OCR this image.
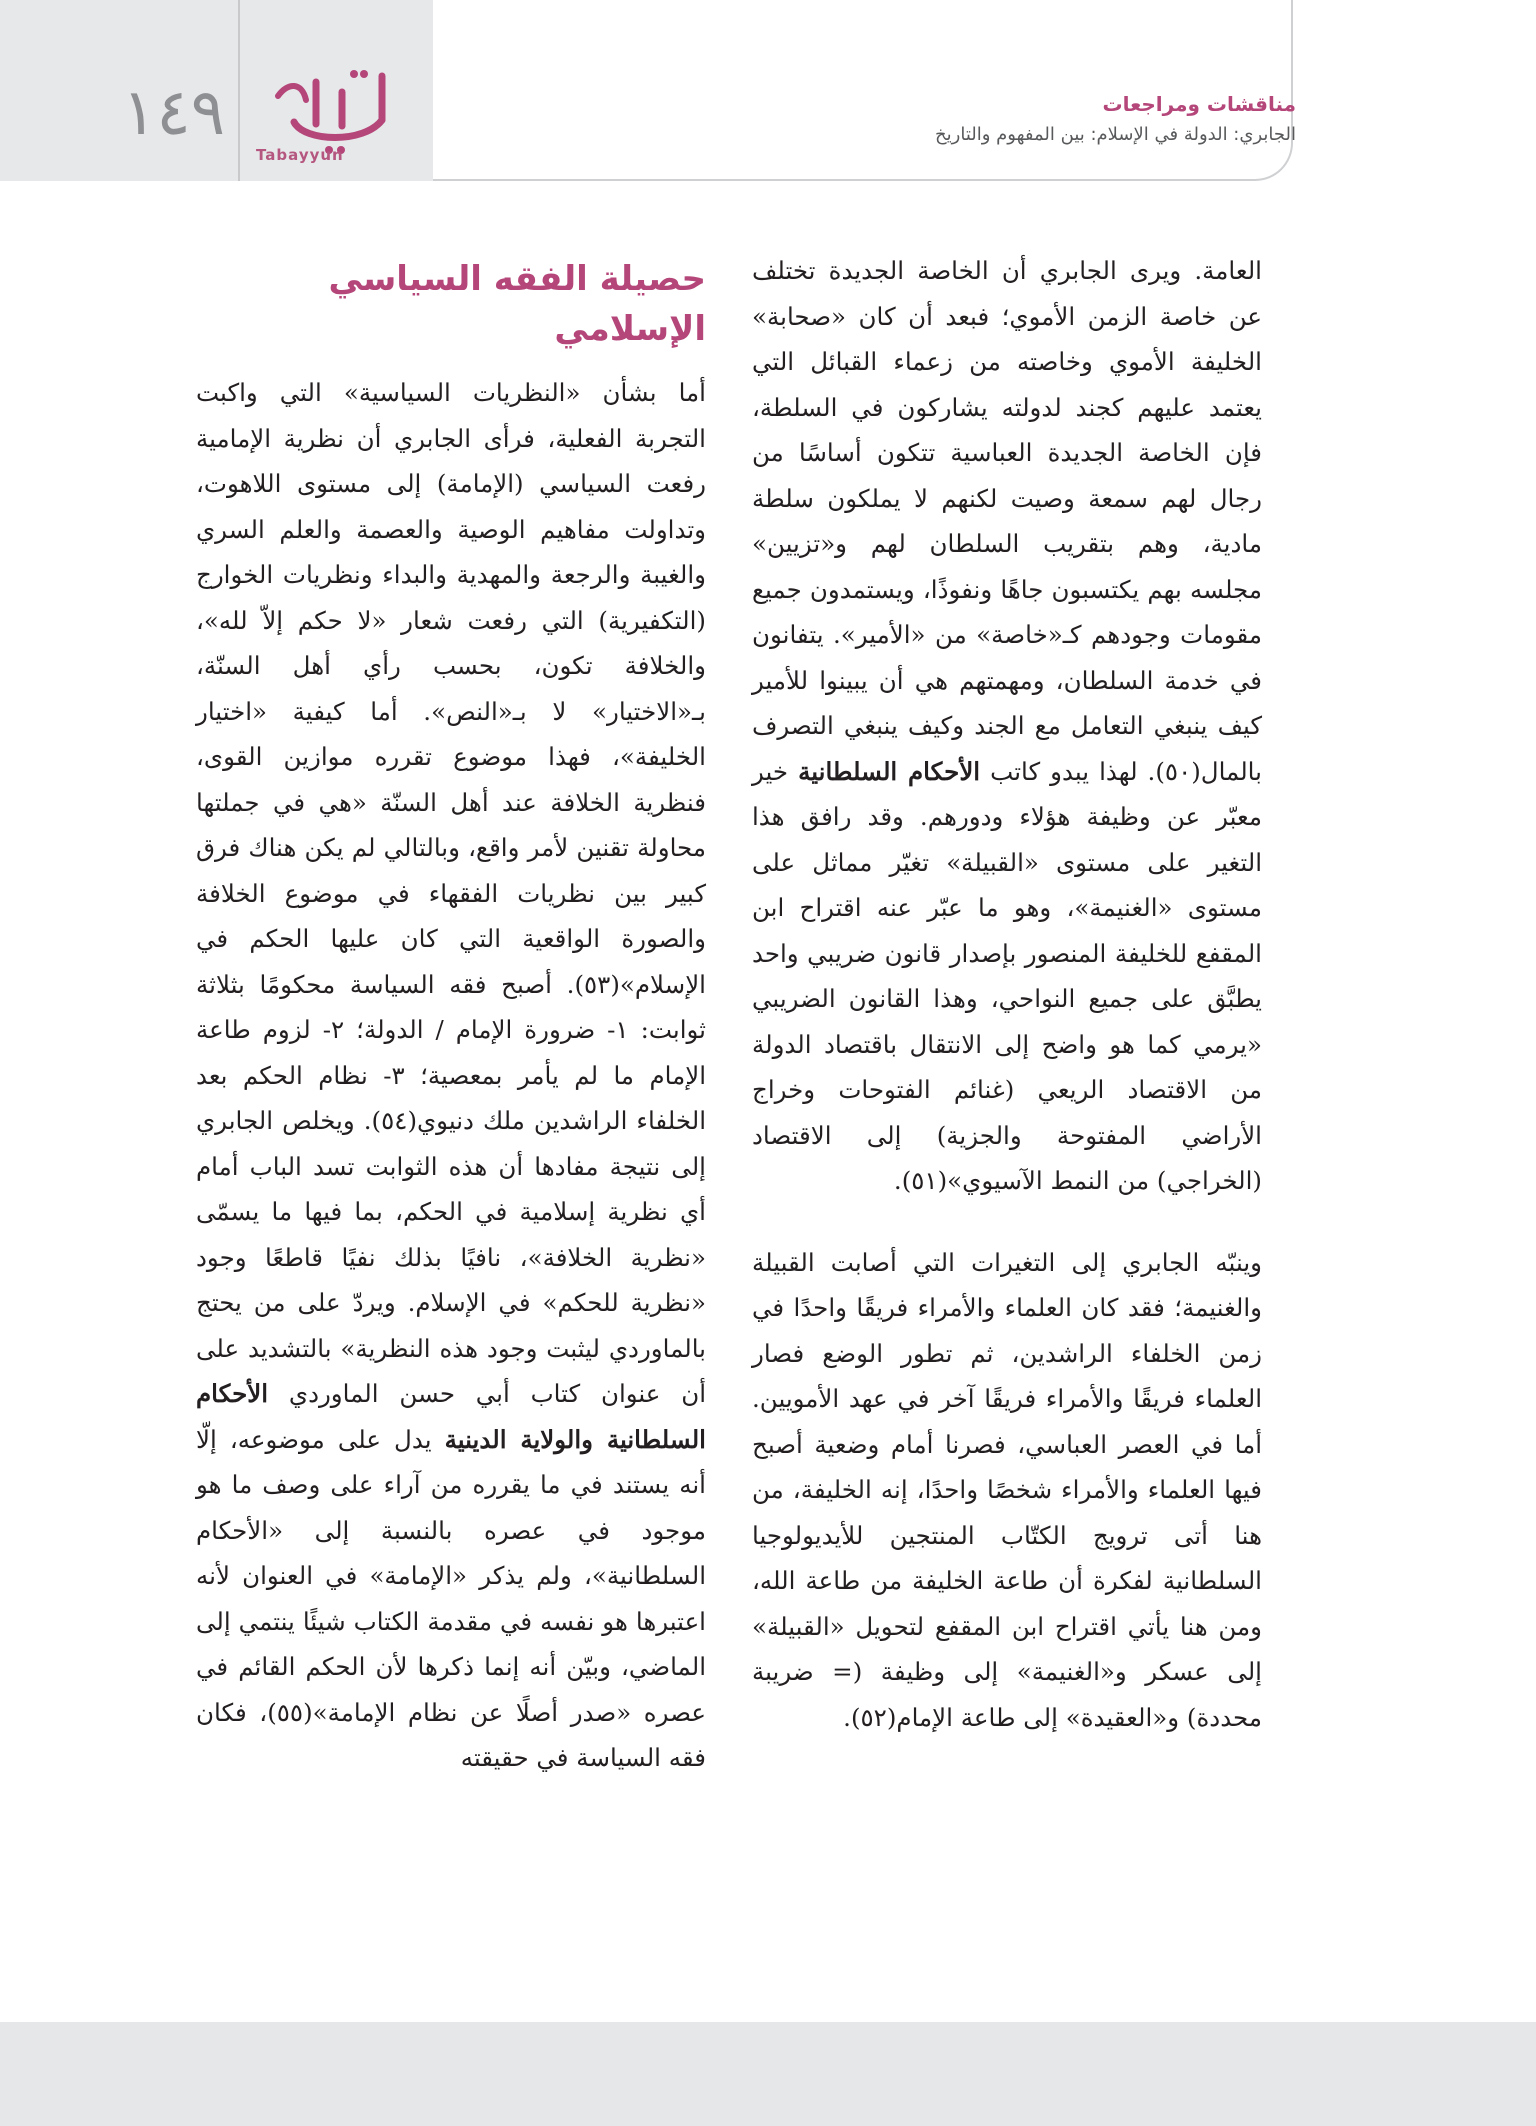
١٤٩
Tabayyun
مناقشات ومراجعات
الجابري: الدولة في الإسلام: بين المفهوم والتاريخ

العامة. ويرى الجابري أن الخاصة الجديدة تختلف عن خاصة الزمن الأموي؛ فبعد أن كان «صحابة» الخليفة الأموي وخاصته من زعماء القبائل التي يعتمد عليهم كجند لدولته يشاركون في السلطة، فإن الخاصة الجديدة العباسية تتكون أساسًا من رجال لهم سمعة وصيت لكنهم لا يملكون سلطة مادية، وهم بتقريب السلطان لهم و«تزيين» مجلسه بهم يكتسبون جاهًا ونفوذًا، ويستمدون جميع مقومات وجودهم كـ«خاصة» من «الأمير». يتفانون في خدمة السلطان، ومهمتهم هي أن يبينوا للأمير كيف ينبغي التعامل مع الجند وكيف ينبغي التصرف بالمال(٥٠). لهذا يبدو كاتب الأحكام السلطانية خير معبّر عن وظيفة هؤلاء ودورهم. وقد رافق هذا التغير على مستوى «القبيلة» تغيّر مماثل على مستوى «الغنيمة»، وهو ما عبّر عنه اقتراح ابن المقفع للخليفة المنصور بإصدار قانون ضريبي واحد يطبَّق على جميع النواحي، وهذا القانون الضريبي «يرمي كما هو واضح إلى الانتقال باقتصاد الدولة من الاقتصاد الريعي (غنائم الفتوحات وخراج الأراضي المفتوحة والجزية) إلى الاقتصاد (الخراجي) من النمط الآسيوي»(٥١).

وينبّه الجابري إلى التغيرات التي أصابت القبيلة والغنيمة؛ فقد كان العلماء والأمراء فريقًا واحدًا في زمن الخلفاء الراشدين، ثم تطور الوضع فصار العلماء فريقًا والأمراء فريقًا آخر في عهد الأمويين. أما في العصر العباسي، فصرنا أمام وضعية أصبح فيها العلماء والأمراء شخصًا واحدًا، إنه الخليفة، من هنا أتى ترويج الكتّاب المنتجين للأيديولوجيا السلطانية لفكرة أن طاعة الخليفة من طاعة الله، ومن هنا يأتي اقتراح ابن المقفع لتحويل «القبيلة» إلى عسكر و«الغنيمة» إلى وظيفة (= ضريبة محددة) و«العقيدة» إلى طاعة الإمام(٥٢).

حصيلة الفقه السياسي الإسلامي

أما بشأن «النظريات السياسية» التي واكبت التجربة الفعلية، فرأى الجابري أن نظرية الإمامية رفعت السياسي (الإمامة) إلى مستوى اللاهوت، وتداولت مفاهيم الوصية والعصمة والعلم السري والغيبة والرجعة والمهدية والبداء ونظريات الخوارج (التكفيرية) التي رفعت شعار «لا حكم إلاّ لله»، والخلافة تكون، بحسب رأي أهل السنّة، بـ«الاختيار» لا بـ«النص». أما كيفية «اختيار الخليفة»، فهذا موضوع تقرره موازين القوى، فنظرية الخلافة عند أهل السنّة «هي في جملتها محاولة تقنين لأمر واقع، وبالتالي لم يكن هناك فرق كبير بين نظريات الفقهاء في موضوع الخلافة والصورة الواقعية التي كان عليها الحكم في الإسلام»(٥٣). أصبح فقه السياسة محكومًا بثلاثة ثوابت: ١- ضرورة الإمام / الدولة؛ ٢- لزوم طاعة الإمام ما لم يأمر بمعصية؛ ٣- نظام الحكم بعد الخلفاء الراشدين ملك دنيوي(٥٤). ويخلص الجابري إلى نتيجة مفادها أن هذه الثوابت تسد الباب أمام أي نظرية إسلامية في الحكم، بما فيها ما يسمّى «نظرية الخلافة»، نافيًا بذلك نفيًا قاطعًا وجود «نظرية للحكم» في الإسلام. ويردّ على من يحتج بالماوردي ليثبت وجود هذه النظرية» بالتشديد على أن عنوان كتاب أبي حسن الماوردي الأحكام السلطانية والولاية الدينية يدل على موضوعه، إلّا أنه يستند في ما يقرره من آراء على وصف ما هو موجود في عصره بالنسبة إلى «الأحكام السلطانية»، ولم يذكر «الإمامة» في العنوان لأنه اعتبرها هو نفسه في مقدمة الكتاب شيئًا ينتمي إلى الماضي، وبيّن أنه إنما ذكرها لأن الحكم القائم في عصره «صدر أصلًا عن نظام الإمامة»(٥٥)، فكان فقه السياسة في حقيقته
